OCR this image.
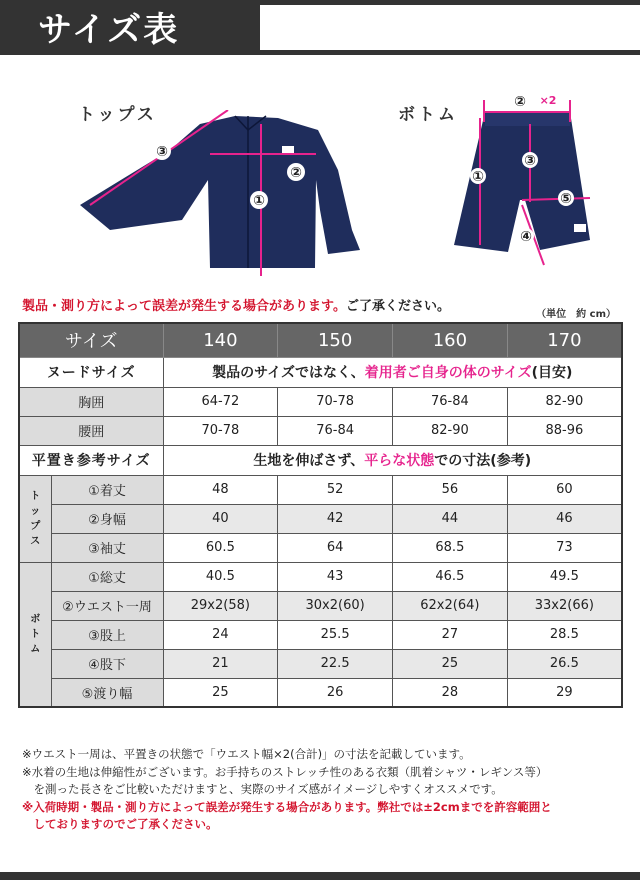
サイズ表
トップス	ボトム
①
②
③
② ×2
①
③
④
⑤
製品・測り方によって誤差が発生する場合があります。ご了承ください。
（単位　約 cm）
サイズ		140	150	160	170
ヌードサイズ		製品のサイズではなく、着用者ご自身の体のサイズ(目安)			
胸囲		64-72	70-78	76-84	82-90
腰囲		70-78	76-84	82-90	88-96
平置き参考サイズ		生地を伸ばさず、平らな状態での寸法(参考)			

ト
ッ
プ
ス	①着丈	48	52	56	60
	②身幅	40	42	44	46
	③袖丈	60.5	64	68.5	73

ボ
ト
ム	①総丈	40.5	43	46.5	49.5
	②ウエスト一周	29x2(58)	30x2(60)	62x2(64)	33x2(66)
	③股上	24	25.5	27	28.5
	④股下	21	22.5	25	26.5
	⑤渡り幅	25	26	28	29

※ウエスト一周は、平置きの状態で「ウエスト幅×2(合計)」の寸法を記載しています。

※水着の生地は伸縮性がございます。お手持ちのストレッチ性のある衣類（肌着シャツ・レギンス等）

　を測った長さをご比較いただけますと、実際のサイズ感がイメージしやすくオススメです。

※入荷時期・製品・測り方によって誤差が発生する場合があります。弊社では±2cmまでを許容範囲と

　しておりますのでご了承ください。
